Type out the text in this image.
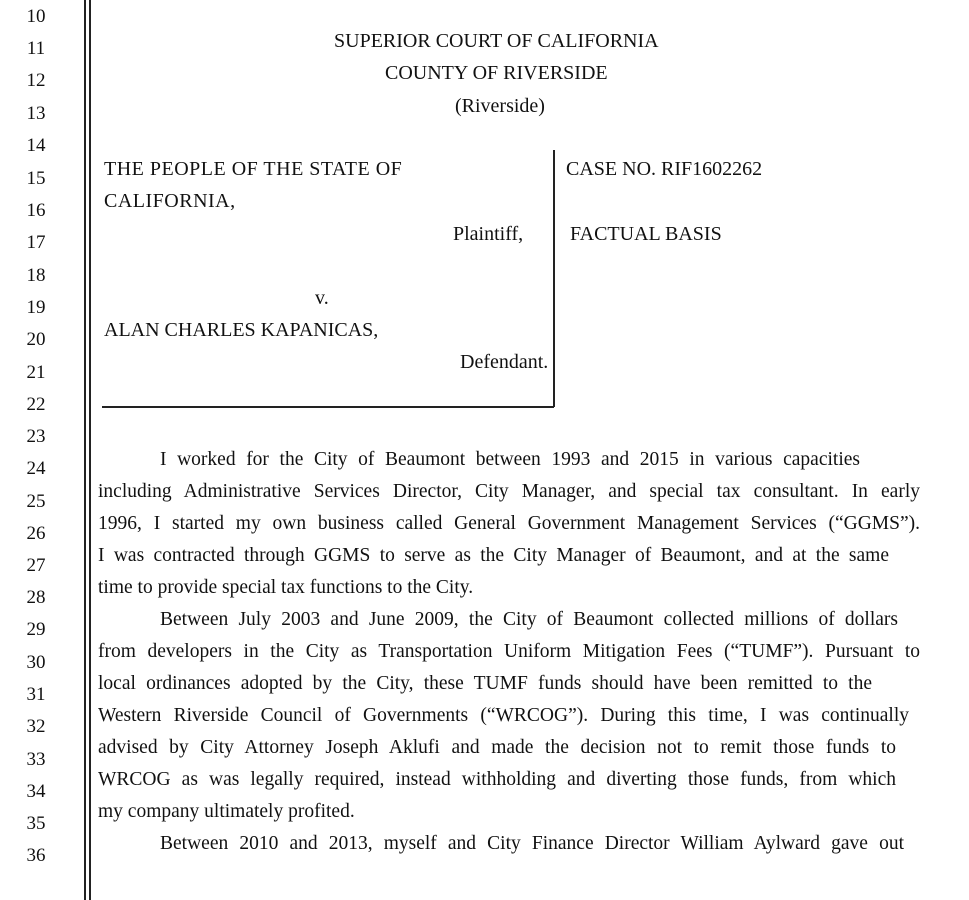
10
11
12
13
14
15
16
17
18
19
20
21
22
23
24
25
26
27
28
29
30
31
32
33
34
35
36
SUPERIOR COURT OF CALIFORNIA
COUNTY OF RIVERSIDE
(Riverside)
THE PEOPLE OF THE STATE OF
CALIFORNIA,
Plaintiff,
v.
ALAN CHARLES KAPANICAS,
Defendant.
CASE NO. RIF1602262
FACTUAL BASIS
I worked for the City of Beaumont between 1993 and 2015 in various capacities
including Administrative Services Director, City Manager, and special tax consultant. In early
1996, I started my own business called General Government Management Services (“GGMS”).
I was contracted through GGMS to serve as the City Manager of Beaumont, and at the same
time to provide special tax functions to the City.
Between July 2003 and June 2009, the City of Beaumont collected millions of dollars
from developers in the City as Transportation Uniform Mitigation Fees (“TUMF”). Pursuant to
local ordinances adopted by the City, these TUMF funds should have been remitted to the
Western Riverside Council of Governments (“WRCOG”). During this time, I was continually
advised by City Attorney Joseph Aklufi and made the decision not to remit those funds to
WRCOG as was legally required, instead withholding and diverting those funds, from which
my company ultimately profited.
Between 2010 and 2013, myself and City Finance Director William Aylward gave out
